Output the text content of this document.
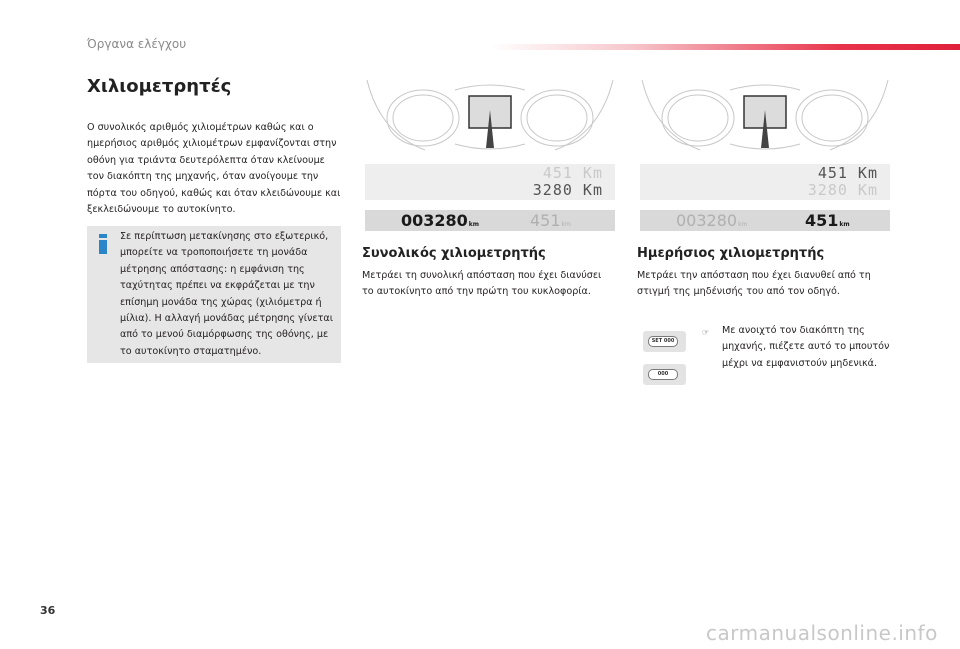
Όργανα ελέγχου
Χιλιομετρητές
Ο συνολικός αριθμός χιλιομέτρων καθώς και ο ημερήσιος αριθμός χιλιομέτρων εμφανίζονται στην οθόνη για τριάντα δευτερόλεπτα όταν κλείνουμε τον διακόπτη της μηχανής, όταν ανοίγουμε την πόρτα του οδηγού, καθώς και όταν κλειδώνουμε και ξεκλειδώνουμε το αυτοκίνητο.
Σε περίπτωση μετακίνησης στο εξωτερικό, μπορείτε να τροποποιήσετε τη μονάδα μέτρησης απόστασης: η εμφάνιση της ταχύτητας πρέπει να εκφράζεται με την επίσημη μονάδα της χώρας (χιλιόμετρα ή μίλια). Η αλλαγή μονάδας μέτρησης γίνεται από το μενού διαμόρφωσης της οθόνης, με το αυτοκίνητο σταματημένο.
451 Km
3280 Km
003280km	451km
451 Km
3280 Km
003280km	451km
Συνολικός χιλιομετρητής
Μετράει τη συνολική απόσταση που έχει διανύσει το αυτοκίνητο από την πρώτη του κυκλοφορία.
Ημερήσιος χιλιομετρητής
Μετράει την απόσταση που έχει διανυθεί από τη στιγμή της μηδένισής του από τον οδηγό.
SET 000
000
☞ Με ανοιχτό τον διακόπτη της μηχανής, πιέζετε αυτό το μπουτόν μέχρι να εμφανιστούν μηδενικά.
36
carmanualsonline.info
